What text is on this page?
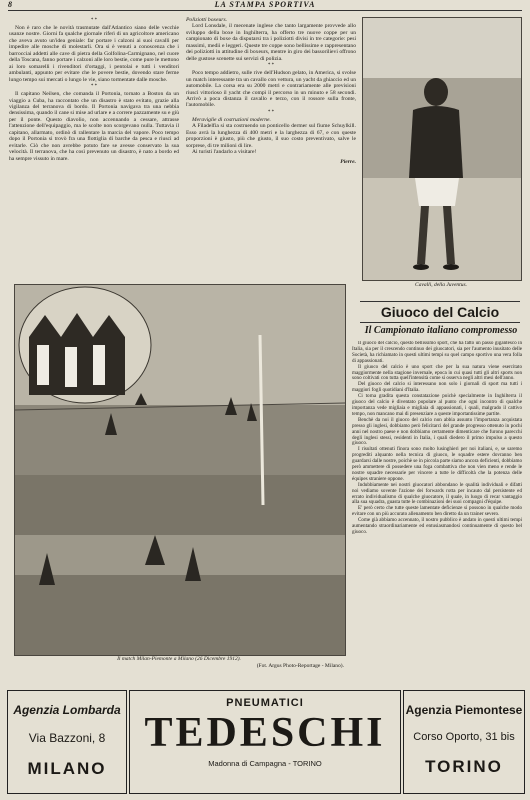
8	LA STAMPA SPORTIVA
* *

Non è raro che le novità trasmutate dall'Atlantico siano delle vecchie usanze nostre. Giorni fa qualche giornale riferì di un agricoltore americano che aveva avuto un'idea geniale: far portare i calzoni ai suoi cavalli per impedire alle mosche di molestarli. Ora si è venuti a conoscenza che i barrocciai addetti alle cave di pietra della Golfolina-Carmignano, nel cuore della Toscana, fanno portare i calzoni alle loro bestie, come pure le mettono ai loro somarelli i rivenditori d'ortaggi, i pentolai e tutti i venditori ambulanti, appunto per evitare che le povere bestie, dovendo stare ferme lungo tempo sui mercati o lungo le vie, siano tormentate dalle mosche.

* *

Il capitano Neilsen, che comanda il Portonia, tornato a Boston da un viaggio a Cuba, ha raccontato che un disastro è stato evitato, grazie alla vigilanza del terranova di bordo. Il Portonia navigava tra una nebbia densissima, quando il cane si mise ad urlare e a correre pazzamente su e giù per il ponte. Questo diavolio, non accennando a cessare, attrasse l'attenzione dell'equipaggio, ma le scolte non scorgevano nulla. Tuttavia il capitano, allarmato, ordinò di rallentare la marcia del vapore. Poco tempo dopo il Portonia si trovò fra una flottiglia di barche da pesca e riuscì ad evitarle. Ciò che non avrebbe potuto fare se avesse conservato la sua velocità. Il terranova, che ha così prevenuto un disastro, è nato a bordo ed ha sempre vissuto in mare.

Poliziotti boxeurs.

Lord Lonsdale, il mecenate inglese che tanto largamente provvede allo sviluppo della boxe in Inghilterra, ha offerto tre nuove coppe per un campionato di boxe da disputarsi tra i poliziotti divisi in tre categorie: pesi massimi, medii e leggeri. Queste tre coppe sono bellissime e rappresentano dei poliziotti in attitudine di boxeurs, mentre in giro dei bassorilievi offrono delle gustose scenette sui servizi di polizia.

* *

Poco tempo addietro, sulle rive dell'Hudson gelato, in America, si svolse un match interessante tra un cavallo con vettura, un yacht da ghiaccio ed un automobile. La corsa era su 2000 metri e contrariamente alle previsioni riuscì vittorioso il yacht che compì il percorso in un minuto e 58 secondi. Arrivò a poca distanza il cavallo e terzo, con il rossore sulla fronte, l'automobile.

* *

Meraviglie di costruzioni moderne.

A Filadelfia si sta costruendo un ponticello dermer sul fiume Schuylkill. Esso avrà la lunghezza di 400 metri e la larghezza di 67, e con queste proporzioni è giusto, più che giusto, il suo costo preventivato, salve le sorprese, di tre milioni di lire.

Ai turisti l'andarlo a visitare!

Pierre.
Cavalli, della Juventus.
Il match Milan-Piemonte a Milano (26 Dicembre 1912).
(Fot. Argus Photo-Reportage - Milano).
Giuoco del Calcio
Il Campionato italiano compromesso

Il giuoco del calcio, questo bellissimo sport, che ha fatto un passo gigantesco in Italia, sia per il crescendo continuo dei giuocatori, sia per l'aumento inusitato delle Società, ha richiamato in questi ultimi tempi su quel campo sportivo una vera folla di appassionati.

Il giuoco del calcio è uno sport che per la sua natura viene esercitato maggiormente nella stagione invernale, epoca in cui quasi tutti gli altri sports non sono coltivati con tutta quell'intensità come si osserva negli altri mesi dell'anno.

Del giuoco del calcio si interessano non solo i giornali di sport ma tutti i maggiori fogli quotidiani d'Italia.

Ci torna gradita questa constatazione poichè specialmente in Inghilterra il giuoco del calcio è diventato popolare al punto che ogni incontro di qualche importanza vede migliaia e migliaia di appassionati, i quali, malgrado il cattivo tempo, non mancano mai di presenziare a queste importantissime partite.

Benchè da noi il giuoco del calcio non abbia assunto l'importanza acquistata presso gli inglesi, dobbiamo però felicitarci del grande progresso ottenuto in pochi anni nel nostro paese e non dobbiamo certamente dimenticare che furono parecchi degli inglesi stessi, residenti in Italia, i quali diedero il primo impulso a questo giuoco.

I risultati ottenuti finora sono molto lusinghieri per noi italiani, e, se saremo progrediti alquanto nella tecnica di giuoco, le squadre estere dovranno ben guardarsi dalle nostre, poichè se in piccola parte siamo ancora deficienti, dobbiamo però ammettere di possedere una foga combattiva che non vien meno e rende le nostre squadre necessarie per vincere a tutte le difficoltà che la potenza delle équipes straniere oppone.

Indubbiamente nei nostri giuocatori abbondano le qualità individuali e difatti noi vediamo sovente l'azione dei forwards rotta per incauto dal persistente ed errato individualismo di qualche giuocatore, il quale, in luogo di recar vantaggio alla sua squadra, guasta tutte le combinazioni dei suoi compagni d'équipe.

E' però certo che tutte queste lamentate deficienze si possono in qualche modo evitare con un più accurato allenamento ben diretto da un trainer severo.

Come già abbiamo accennato, il nostro pubblico è andato in questi ultimi tempi aumentando straordinariamente ed entusiasmandosi continuamente di questo bel giuoco.

Agenzia Lombarda
Via Bazzoni, 8
MILANO
PNEUMATICI
TEDESCHI
Madonna di Campagna - TORINO
Agenzia Piemontese
Corso Oporto, 31 bis
TORINO
